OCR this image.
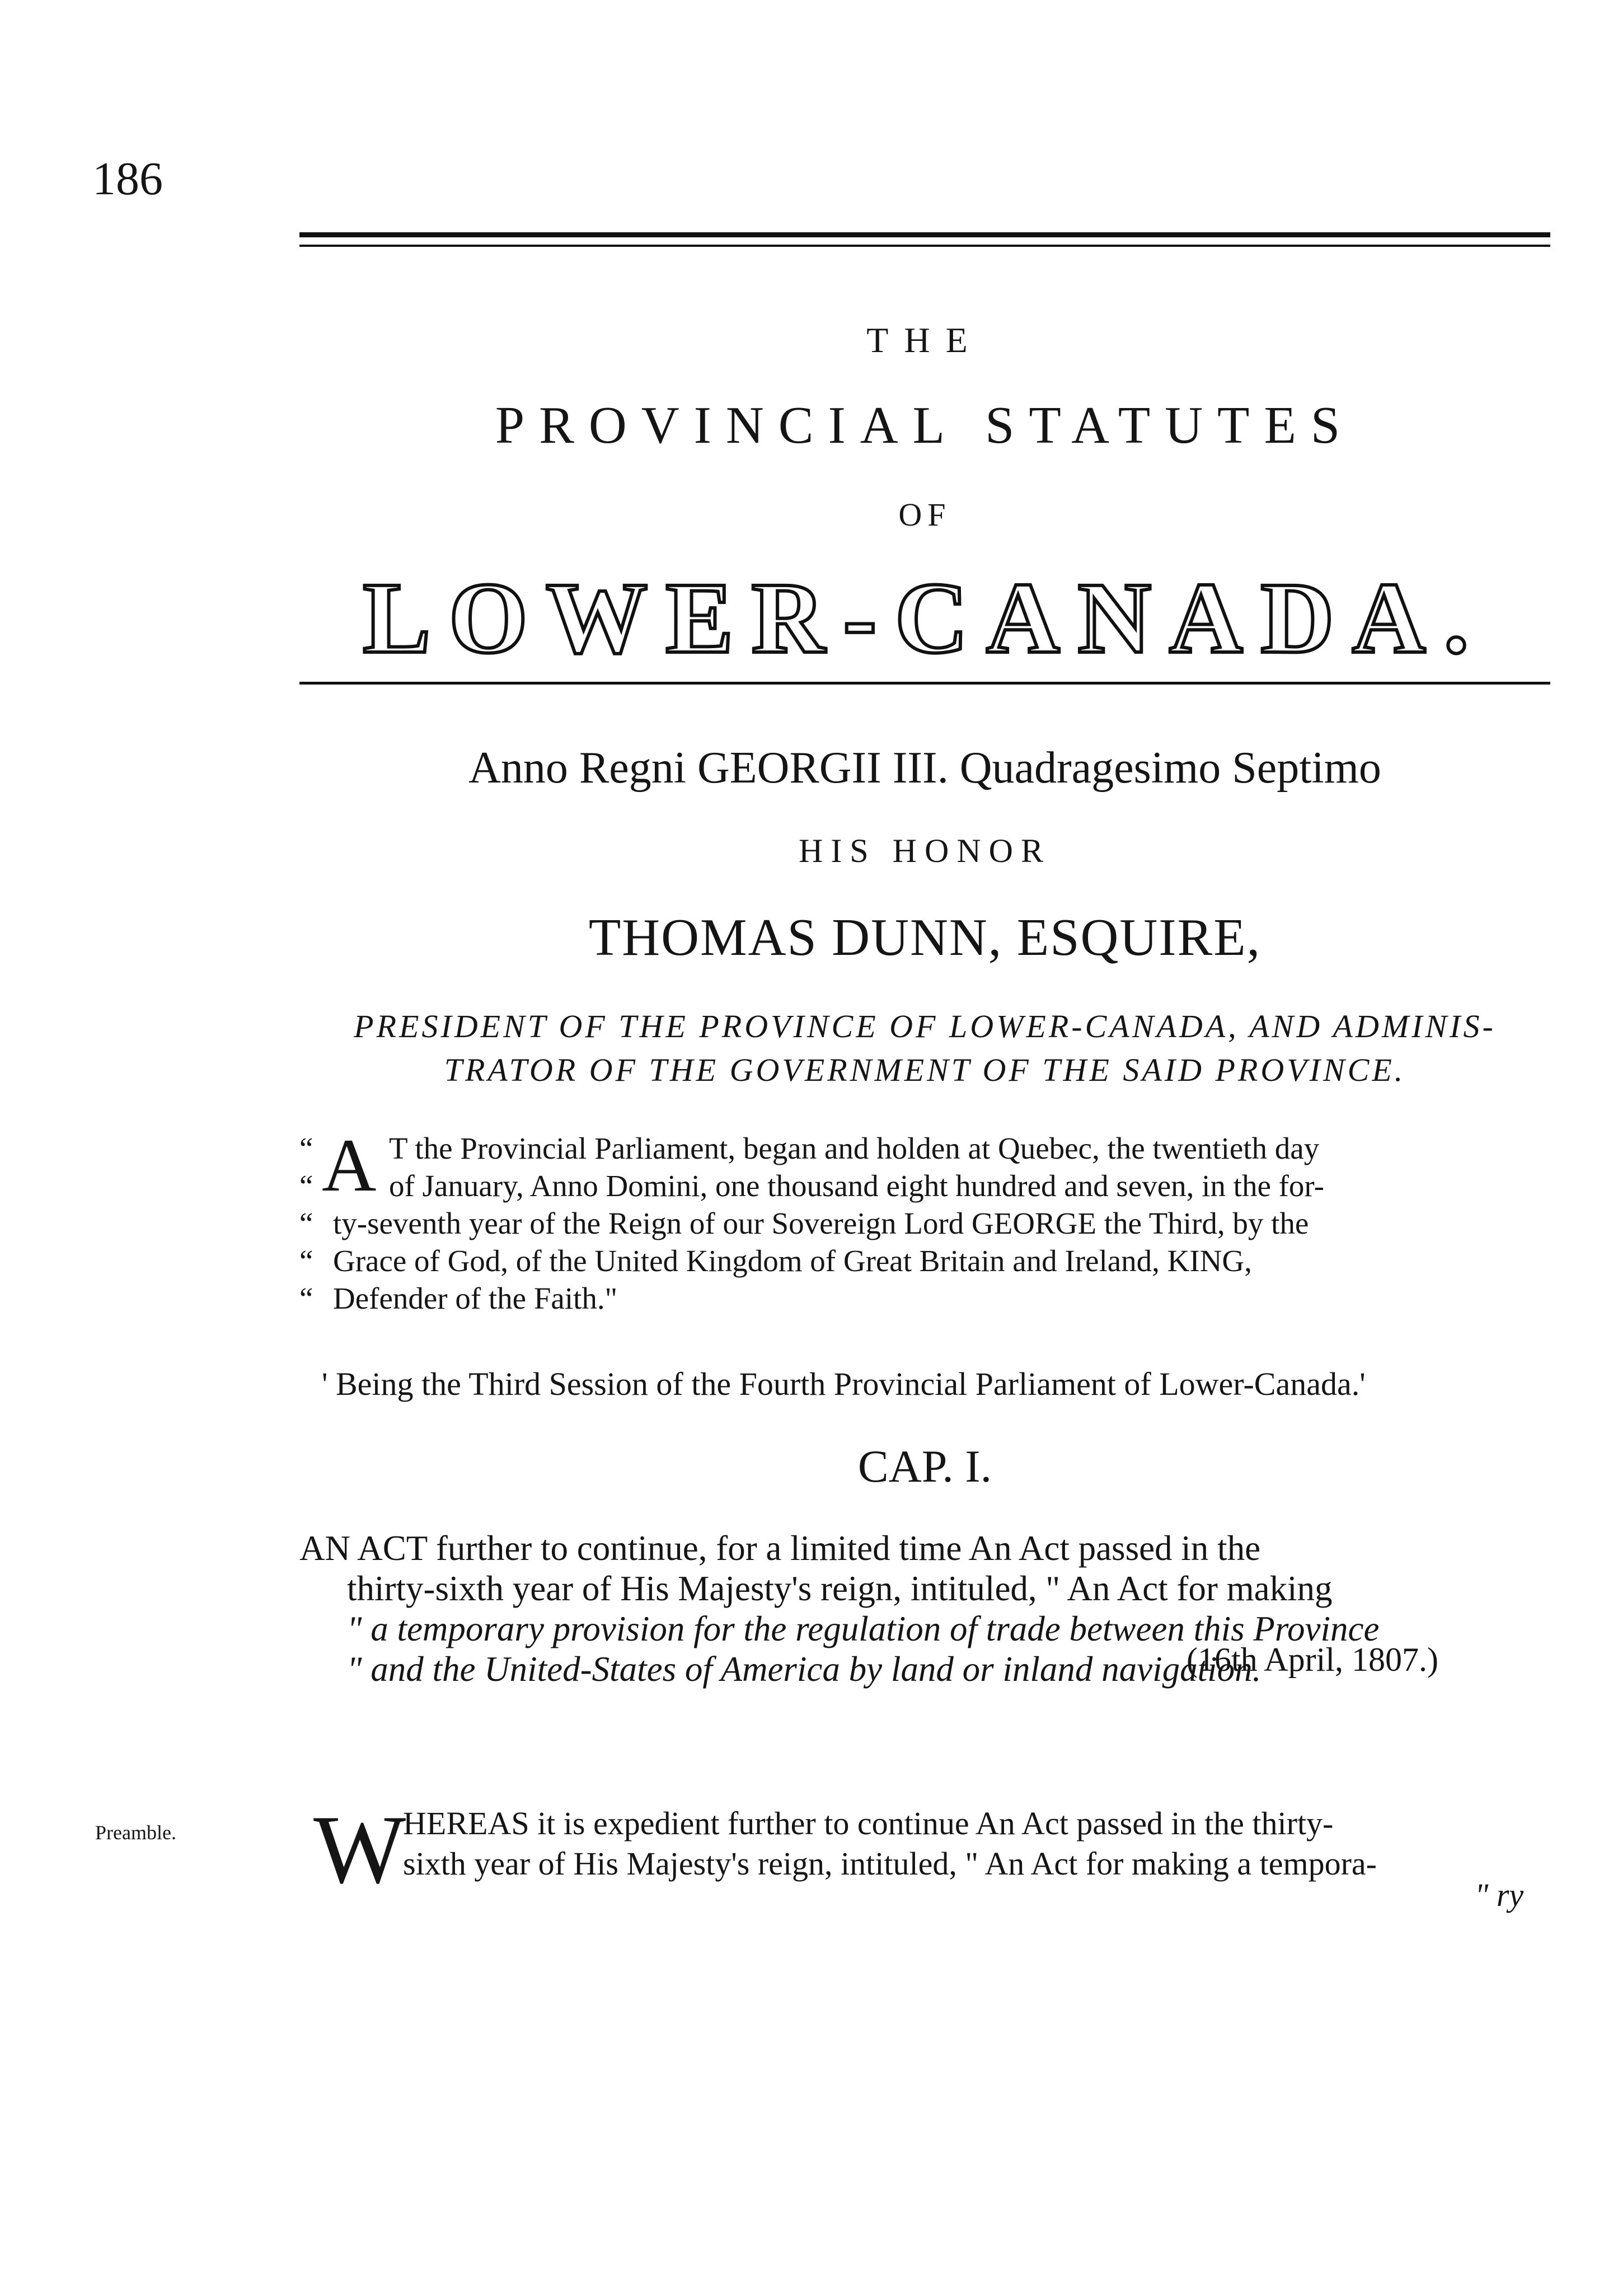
186
THE
PROVINCIAL STATUTES
OF
LOWER-CANADA.
Anno Regni GEORGII III. Quadragesimo Septimo
HIS HONOR
THOMAS DUNN, ESQUIRE,
PRESIDENT OF THE PROVINCE OF LOWER-CANADA, AND ADMINIS-
TRATOR OF THE GOVERNMENT OF THE SAID PROVINCE.
A
“ T the Provincial Parliament, began and holden at Quebec, the twentieth day
“ of January, Anno Domini, one thousand eight hundred and seven, in the for-
“ ty-seventh year of the Reign of our Sovereign Lord GEORGE the Third, by the
“ Grace of God, of the United Kingdom of Great Britain and Ireland, KING,
“ Defender of the Faith."
' Being the Third Session of the Fourth Provincial Parliament of Lower-Canada.'
CAP. I.
AN ACT further to continue, for a limited time An Act passed in the
thirty-sixth year of His Majesty's reign, intituled, " An Act for making
" a temporary provision for the regulation of trade between this Province
" and the United-States of America by land or inland navigation.
(16th April, 1807.)
Preamble. W
HEREAS it is expedient further to continue An Act passed in the thirty-
sixth year of His Majesty's reign, intituled, " An Act for making a tempora-
" ry
